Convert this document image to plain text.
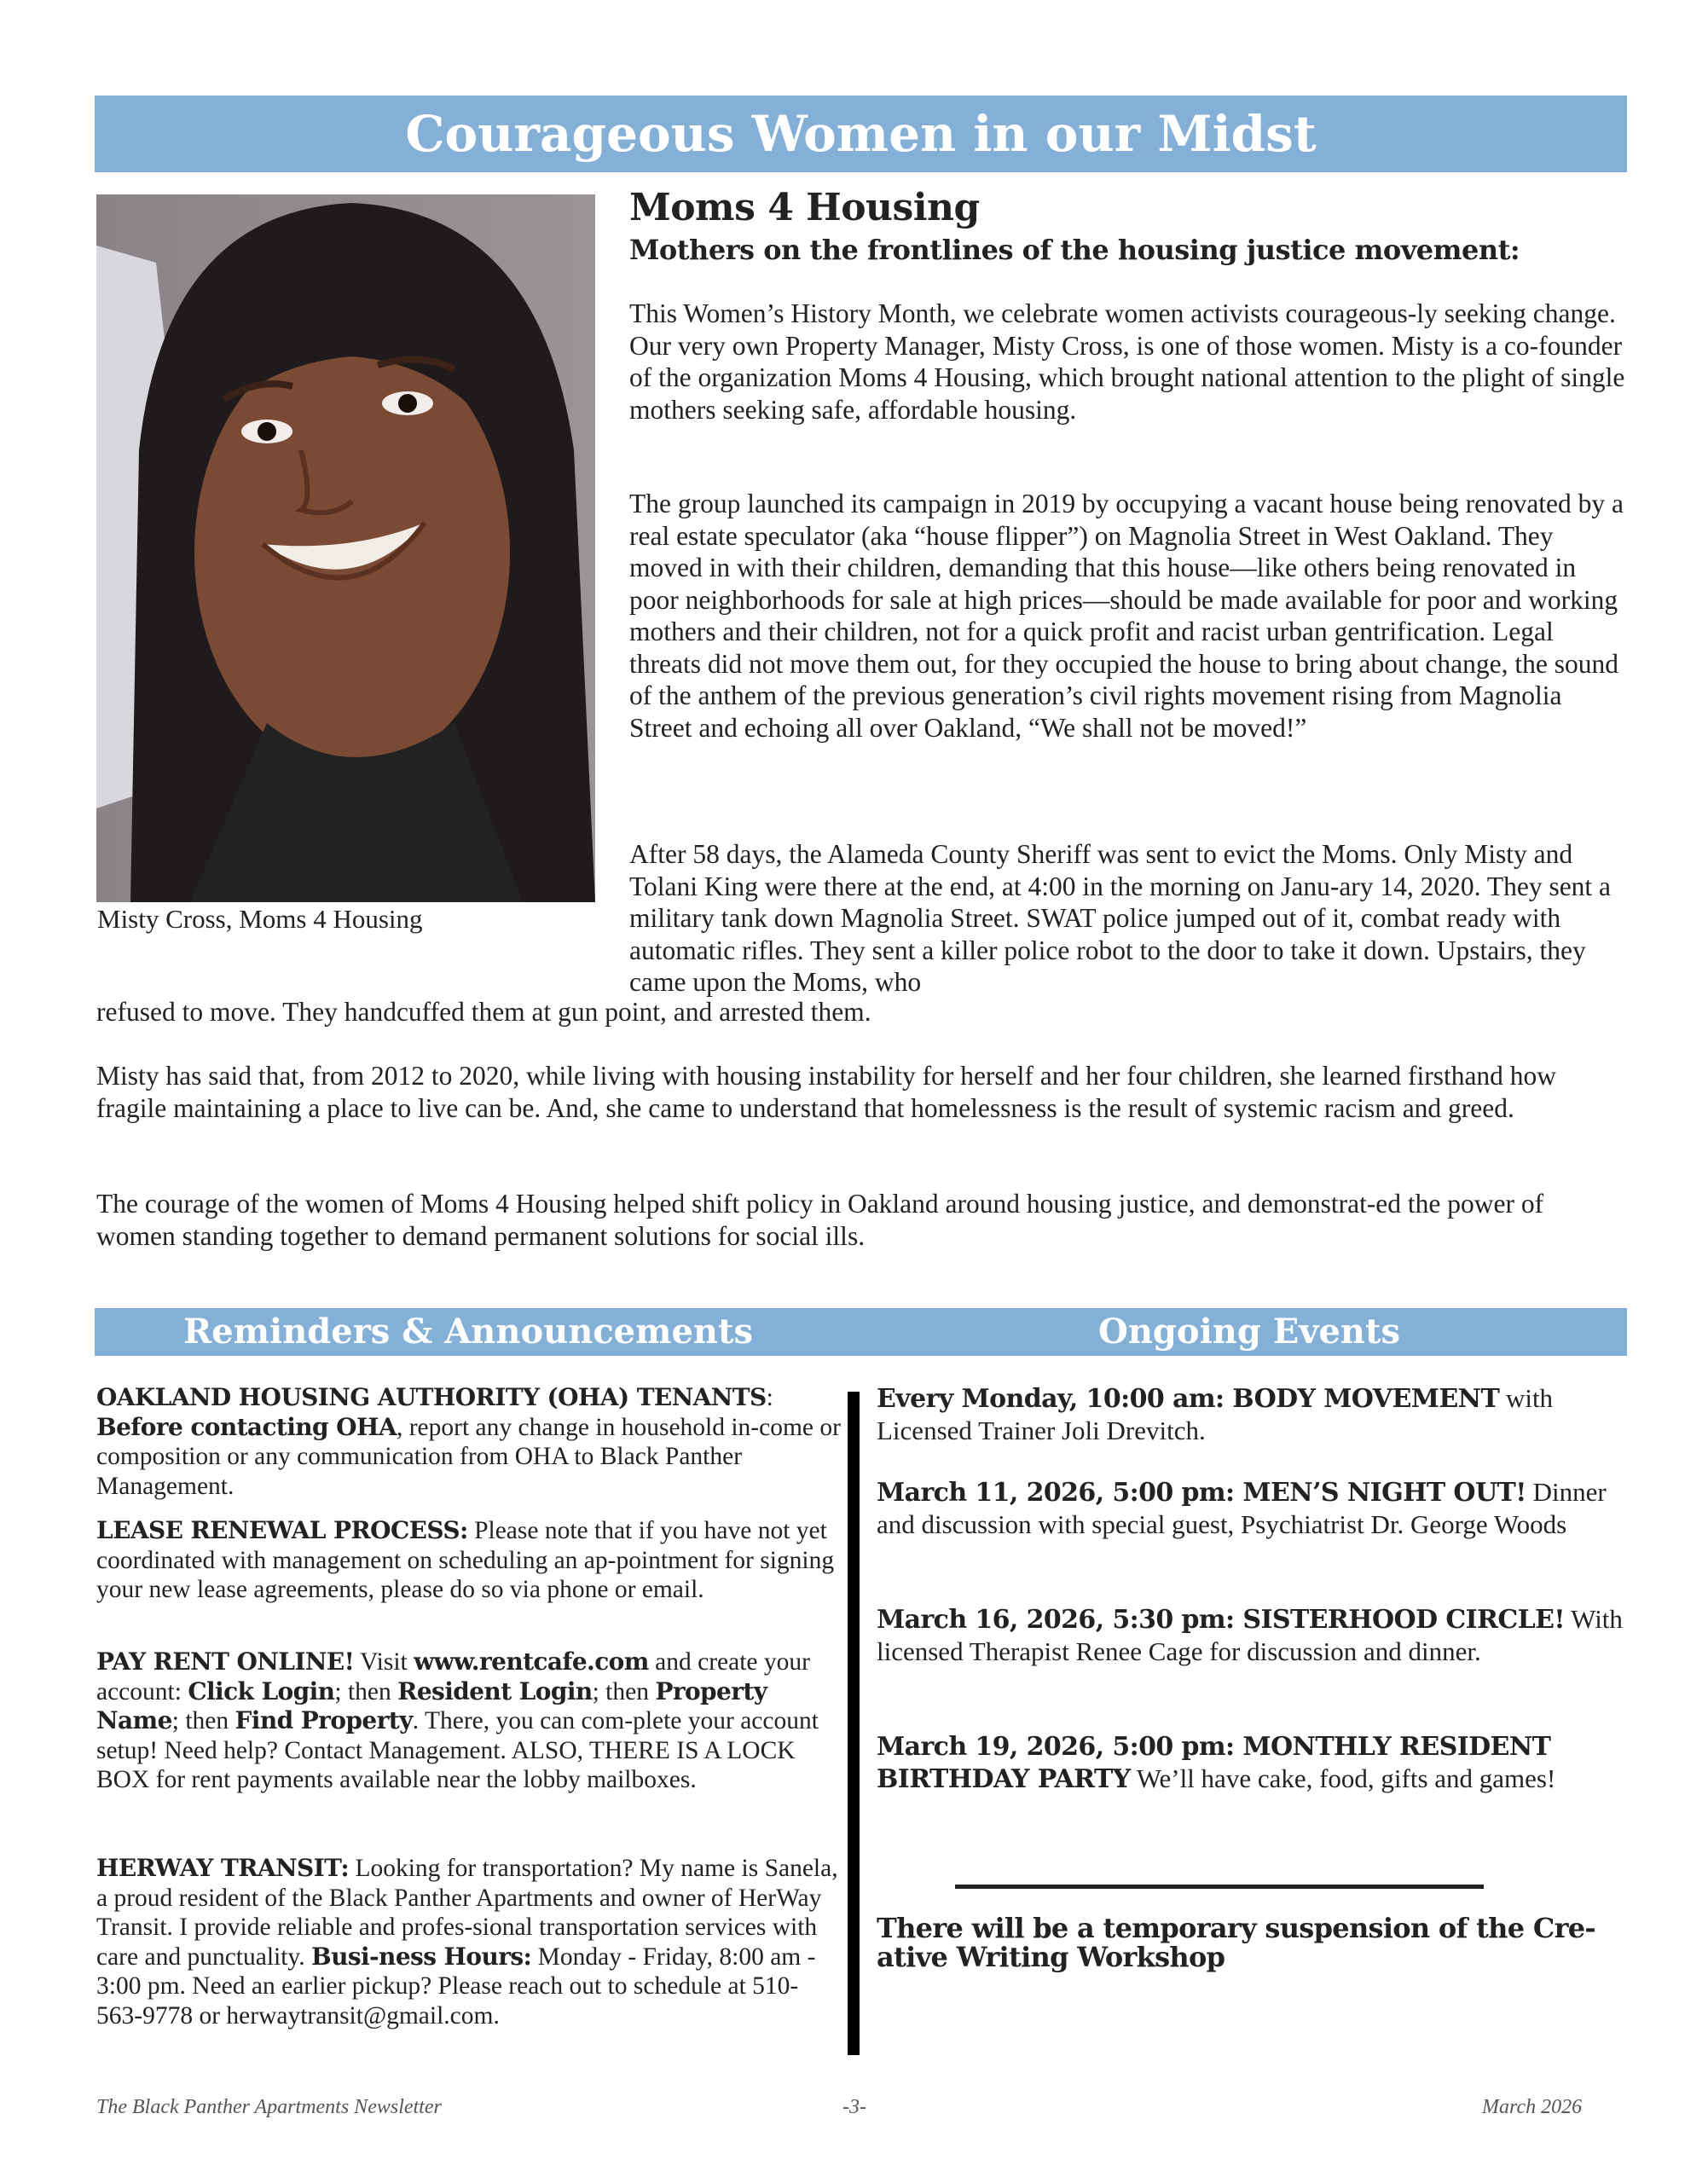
Courageous Women in our Midst
Misty Cross, Moms 4 Housing
Moms 4 Housing
Mothers on the frontlines of the housing justice movement:

This Women’s History Month, we celebrate women activists courageous-ly seeking change. Our very own Property Manager, Misty Cross, is one of those women. Misty is a co-founder of the organization Moms 4 Housing, which brought national attention to the plight of single mothers seeking safe, affordable housing.

The group launched its campaign in 2019 by occupying a vacant house being renovated by a real estate speculator (aka “house flipper”) on Magnolia Street in West Oakland. They moved in with their children, demanding that this house—like others being renovated in poor neighborhoods for sale at high prices—should be made available for poor and working mothers and their children, not for a quick profit and racist urban gentrification. Legal threats did not move them out, for they occupied the house to bring about change, the sound of the anthem of the previous generation’s civil rights movement rising from Magnolia Street and echoing all over Oakland, “We shall not be moved!”

After 58 days, the Alameda County Sheriff was sent to evict the Moms. Only Misty and Tolani King were there at the end, at 4:00 in the morning on Janu-ary 14, 2020. They sent a military tank down Magnolia Street. SWAT police jumped out of it, combat ready with automatic rifles. They sent a killer police robot to the door to take it down. Upstairs, they came upon the Moms, who

refused to move. They handcuffed them at gun point, and arrested them.

Misty has said that, from 2012 to 2020, while living with housing instability for herself and her four children, she learned firsthand how fragile maintaining a place to live can be. And, she came to understand that homelessness is the result of systemic racism and greed.

The courage of the women of Moms 4 Housing helped shift policy in Oakland around housing justice, and demonstrat-ed the power of women standing together to demand permanent solutions for social ills.

Reminders & Announcements	Ongoing Events
OAKLAND HOUSING AUTHORITY (OHA) TENANTS: Before contacting OHA, report any change in household in-come or composition or any communication from OHA to Black Panther Management.
LEASE RENEWAL PROCESS: Please note that if you have not yet coordinated with management on scheduling an ap-pointment for signing your new lease agreements, please do so via phone or email.
PAY RENT ONLINE! Visit www.rentcafe.com and create your account: Click Login; then Resident Login; then Property Name; then Find Property. There, you can com-plete your account setup! Need help? Contact Management. ALSO, THERE IS A LOCK BOX for rent payments available near the lobby mailboxes.
HERWAY TRANSIT: Looking for transportation? My name is Sanela, a proud resident of the Black Panther Apartments and owner of HerWay Transit. I provide reliable and profes-sional transportation services with care and punctuality. Busi-ness Hours: Monday - Friday, 8:00 am - 3:00 pm. Need an earlier pickup? Please reach out to schedule at 510- 563-9778 or herwaytransit@gmail.com.
Every Monday, 10:00 am: BODY MOVEMENT with Licensed Trainer Joli Drevitch.
March 11, 2026, 5:00 pm: MEN’S NIGHT OUT! Dinner and discussion with special guest, Psychiatrist Dr. George Woods
March 16, 2026, 5:30 pm: SISTERHOOD CIRCLE! With licensed Therapist Renee Cage for discussion and dinner.
March 19, 2026, 5:00 pm: MONTHLY RESIDENT BIRTHDAY PARTY We’ll have cake, food, gifts and games!
There will be a temporary suspension of the Cre-ative Writing Workshop
The Black Panther Apartments Newsletter	-3-	March 2026
